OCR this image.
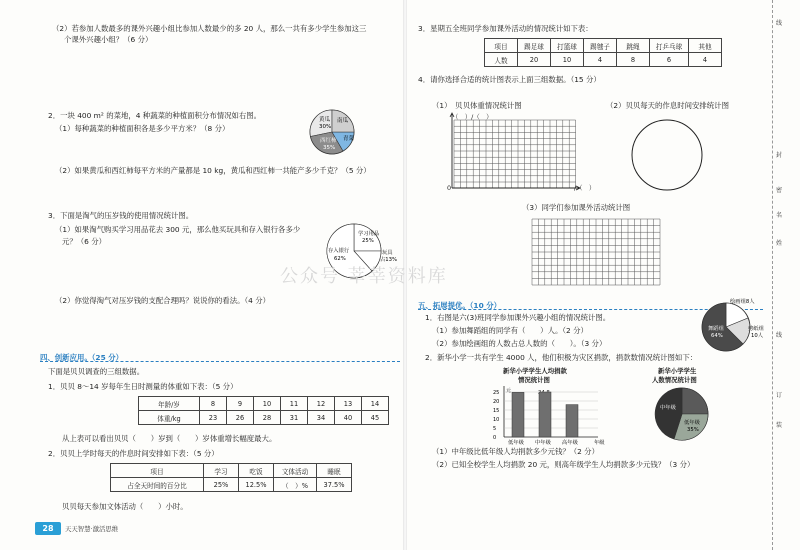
（2）若参加人数最多的课外兴趣小组比参加人数最少的多 20 人，那么一共有多少学生参加这三
个课外兴趣小组？（6 分）
2．一块 400 m² 的菜地，4 种蔬菜的种植面积分布情况如右图。
（1）每种蔬菜的种植面积各是多少平方米？（8 分）
黄瓜
30%
南瓜
西红柿
35%
青菜
（2）如果黄瓜和西红柿每平方米的产量都是 10 kg，黄瓜和西红柿一共能产多少千克？（5 分）
3．下面是淘气的压岁钱的使用情况统计图。
（1）如果淘气购买学习用品花去 300 元，那么他买玩具和存入银行各多少
元？（6 分）
学习用品
25%
存入银行
62%
玩具
占13%
（2）你觉得淘气对压岁钱的支配合理吗？说说你的看法。（4 分）
四、创新应用。（25 分）
下面是贝贝调查的三组数据。
1．贝贝 8～14 岁每年生日时测量的体重如下表：（5 分）
年龄/岁	8	9	10	11	12	13	14
体重/kg	23	26	28	31	34	40	45
从上表可以看出贝贝（　　）岁到（　　）岁体重增长幅度最大。
2．贝贝上学时每天的作息时间安排如下表：（5 分）
项目	学习	吃饭	文体活动	睡眠
占全天时间的百分比	25%	12.5%	（　）%	37.5%
贝贝每天参加文体活动（　　）小时。
28	天天智慧·激活思维
3．星期五全班同学参加课外活动的情况统计如下表：
项目	踢足球	打篮球	踢毽子	跳绳	打乒乓球	其他
人数	20	10	4	8	6	4
4．请你选择合适的统计图表示上面三组数据。（15 分）
（1）　贝贝体重情况统计图
（　）/（　）
0	/（　）
（2）贝贝每天的作息时间安排统计图
（3）同学们参加课外活动统计图
五、拓展提优。（10 分）
1．右图是六(3)班同学参加课外兴趣小组的情况统计图。
（1）参加舞蹈组的同学有（　　）人。（2 分）
（2）参加绘画组的人数占总人数的（　　）。（3 分）
绘画组8人
剪纸组
10人
舞蹈组
64%
2．新华小学一共有学生 4000 人，他们积极为灾区捐款，捐款数情况统计图如下：
新华小学学生人均捐款
情况统计图
元
年级
0
5
10
15
20
25
低年级 中年级 高年级
新华小学学生
人数情况统计图
中年级
低年级
35%
（1）中年级比低年级人均捐款多少元钱？（2 分）
（2）已知全校学生人均捐款 20 元，则高年级学生人均捐款多少元钱？（3 分）
线
封
密
名
姓
线
订
装
公众号 莘莘资料库
